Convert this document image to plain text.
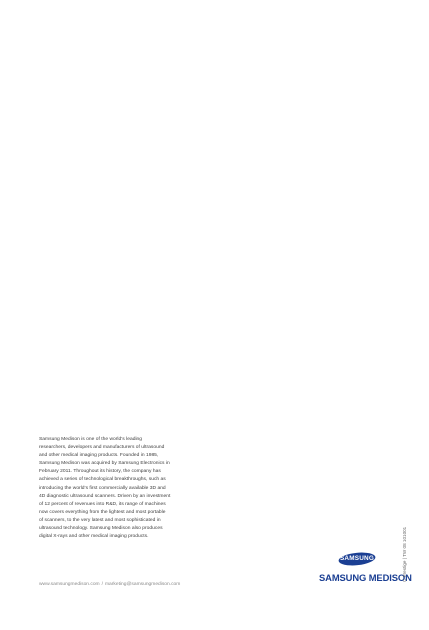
Samsung Medison is one of the world’s leading
researchers, developers and manufacturers of ultrasound
and other medical imaging products. Founded in 1985,
Samsung Medison was acquired by Samsung Electronics in
February 2011. Throughout its history, the company has
achieved a series of technological breakthroughs, such as
introducing the world’s first commercially available 3D and
4D diagnostic ultrasound scanners. Driven by an investment
of 12 percent of revenues into R&D, its range of machines
now covers everything from the lightest and most portable
of scanners, to the very latest and most sophisticated in
ultrasound technology. Samsung Medison also produces
digital X-rays and other medical imaging products.
www.samsungmedison.com / marketing@samsungmedison.com
SAMSUNG
SAMSUNG MEDISON
C Prestige | TW 08 101001
